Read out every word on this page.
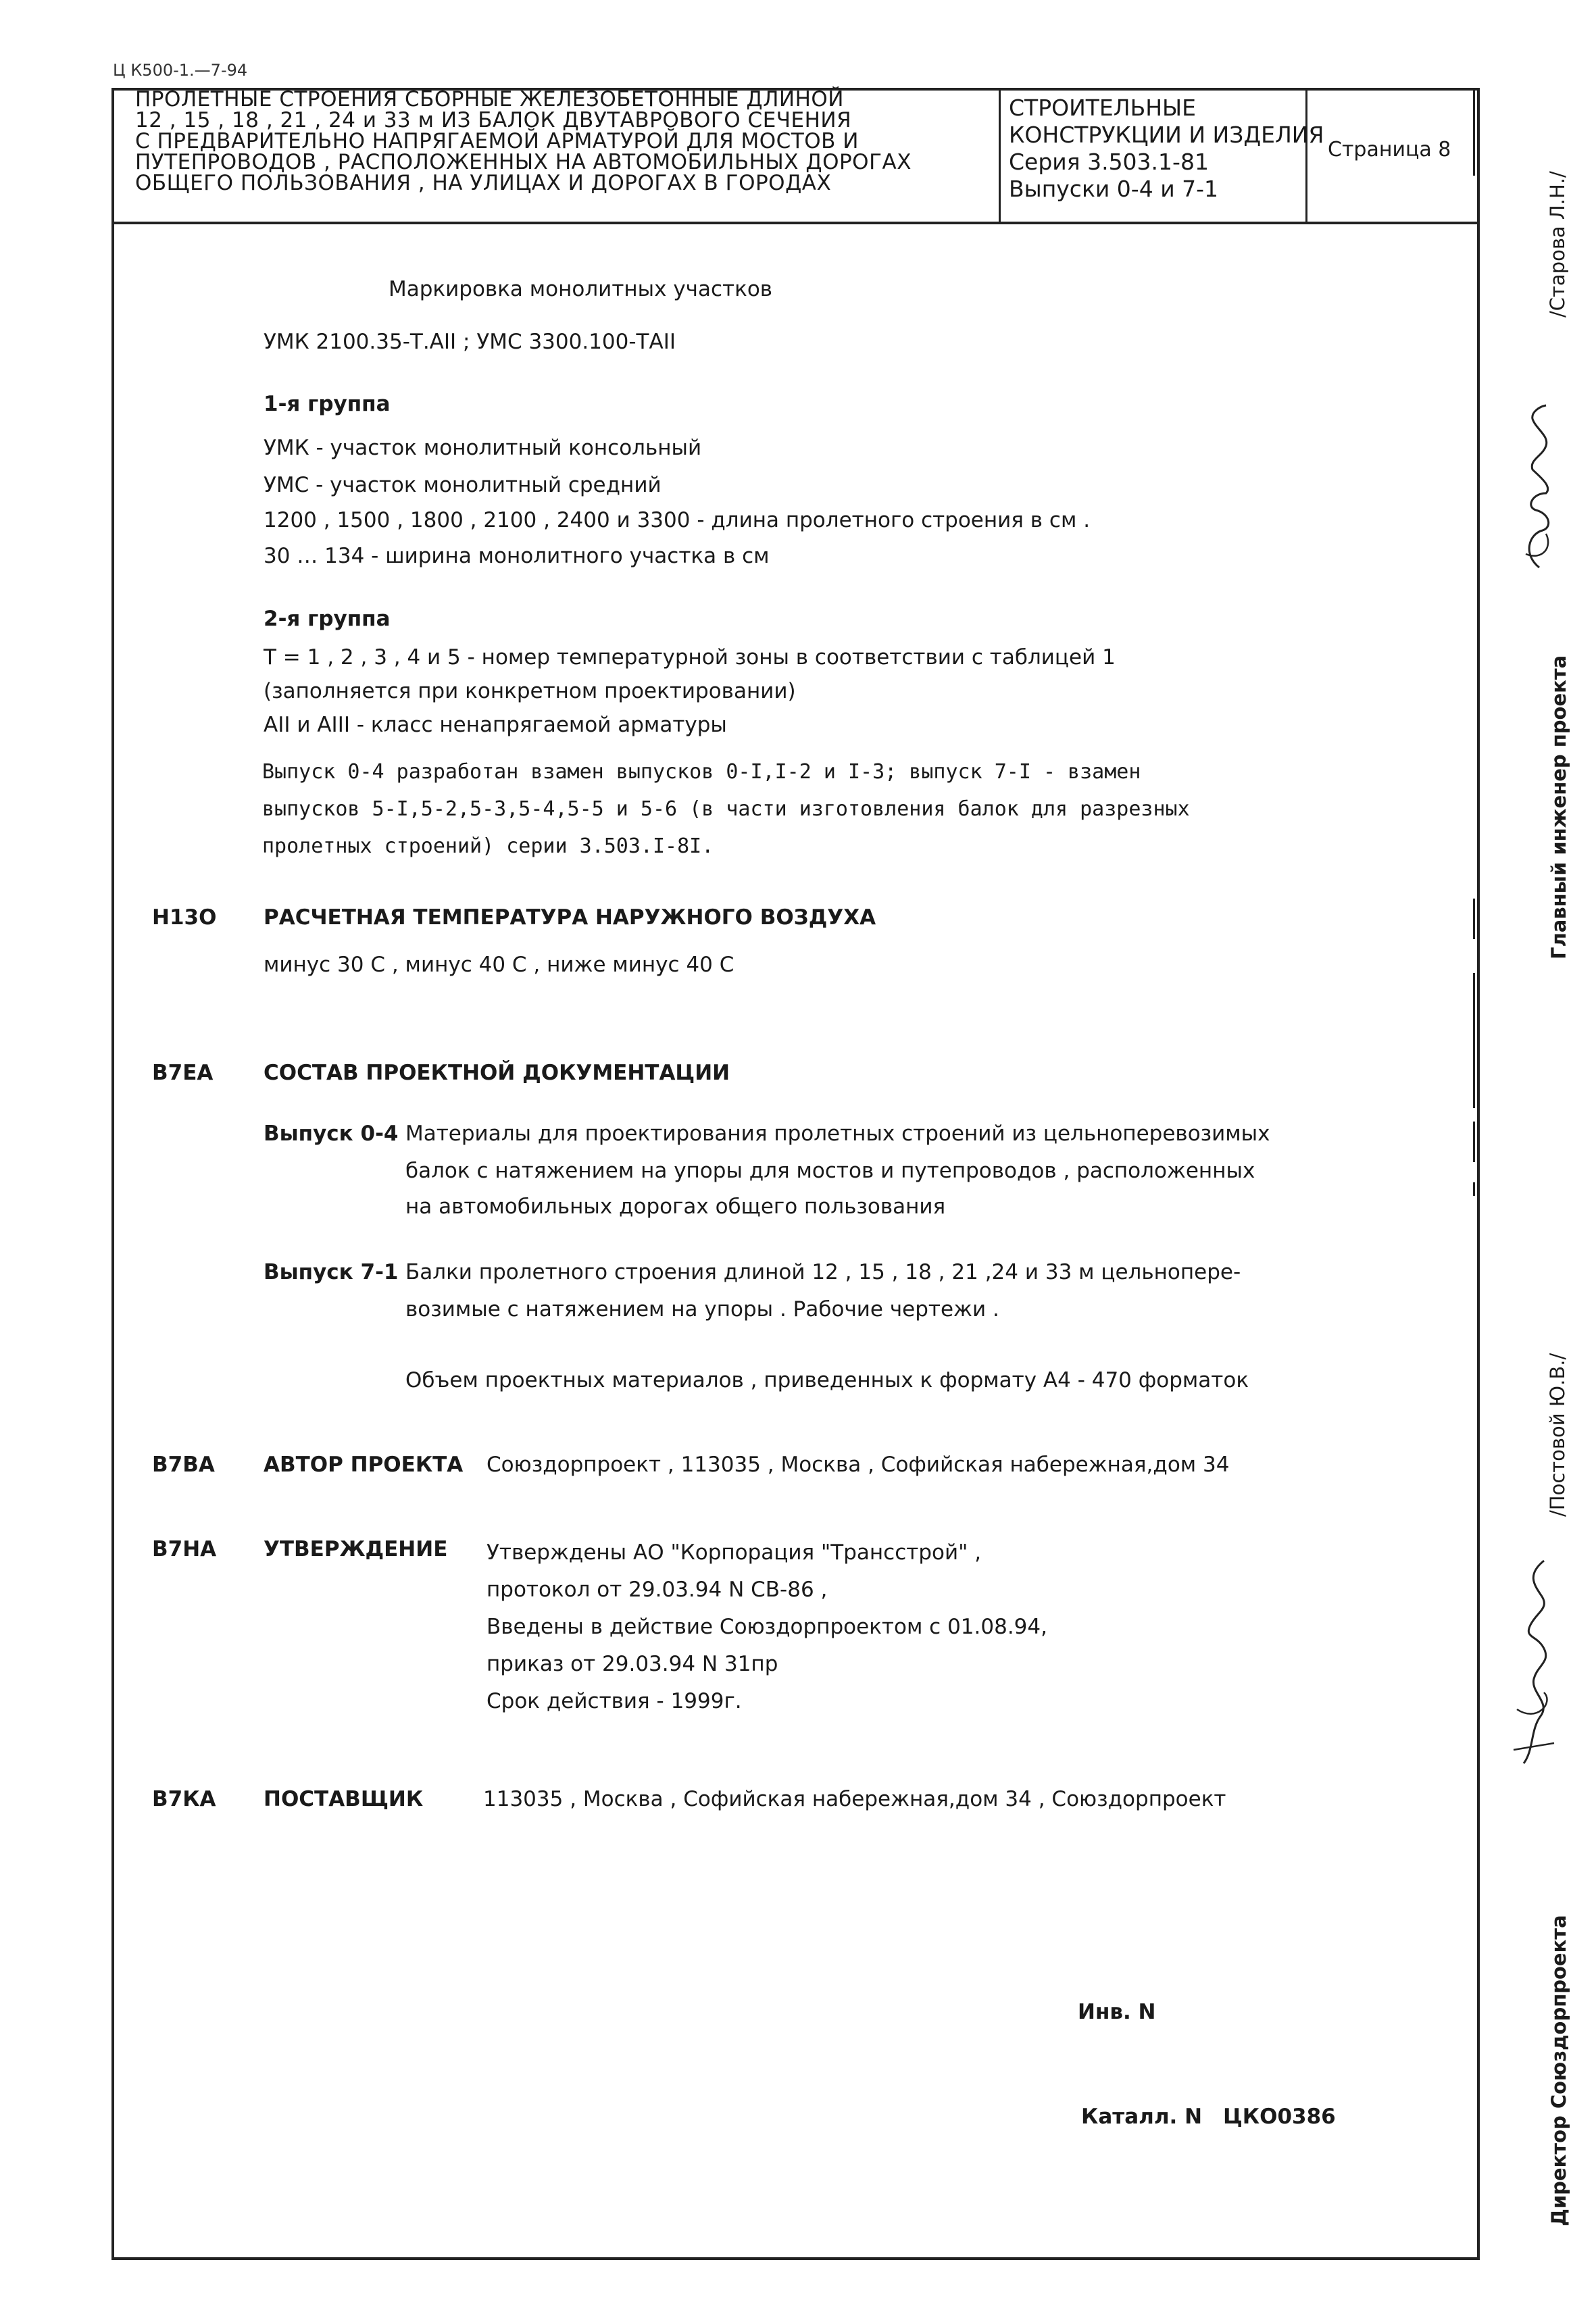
Ц К500-1.—7-94
ПРОЛЕТНЫЕ СТРОЕНИЯ СБОРНЫЕ ЖЕЛЕЗОБЕТОННЫЕ ДЛИНОЙ
12 , 15 , 18 , 21 , 24 и 33 м ИЗ БАЛОК ДВУТАВРОВОГО СЕЧЕНИЯ
С ПРЕДВАРИТЕЛЬНО НАПРЯГАЕМОЙ АРМАТУРОЙ ДЛЯ МОСТОВ И
ПУТЕПРОВОДОВ , РАСПОЛОЖЕННЫХ НА АВТОМОБИЛЬНЫХ ДОРОГАХ
ОБЩЕГО ПОЛЬЗОВАНИЯ , НА УЛИЦАХ И ДОРОГАХ В ГОРОДАХ
СТРОИТЕЛЬНЫЕ
КОНСТРУКЦИИ И ИЗДЕЛИЯ
Серия 3.503.1-81
Выпуски 0-4 и 7-1
Страница 8
Маркировка монолитных участков
УМК 2100.35-Т.АII ; УМС 3300.100-ТАII
1-я группа
УМК - участок монолитный консольный
УМС - участок монолитный средний
1200 , 1500 , 1800 , 2100 , 2400 и 3300 - длина пролетного строения в см .
30 … 134 - ширина монолитного участка в см
2-я группа
Т = 1 , 2 , 3 , 4 и 5 - номер температурной зоны в соответствии с таблицей 1
(заполняется при конкретном проектировании)
АII и АIII - класс ненапрягаемой арматуры
Выпуск 0-4 разработан взамен выпусков 0-I,I-2 и I-3; выпуск 7-I - взамен
выпусков 5-I,5-2,5-3,5-4,5-5 и 5-6 (в части изготовления балок для разрезных
пролетных строений) серии 3.503.I-8I.
Н13О РАСЧЕТНАЯ ТЕМПЕРАТУРА НАРУЖНОГО ВОЗДУХА
минус 30 С , минус 40 С , ниже минус 40 С
В7ЕА СОСТАВ ПРОЕКТНОЙ ДОКУМЕНТАЦИИ
Выпуск 0-4 Материалы для проектирования пролетных строений из цельноперевозимых
балок с натяжением на упоры для мостов и путепроводов , расположенных
на автомобильных дорогах общего пользования
Выпуск 7-1 Балки пролетного строения длиной 12 , 15 , 18 , 21 ,24 и 33 м цельнопере-
возимые с натяжением на упоры . Рабочие чертежи .
Объем проектных материалов , приведенных к формату А4 - 470 форматок
В7ВА АВТОР ПРОЕКТА Союздорпроект , 113035 , Москва , Софийская набережная,дом 34
В7НА УТВЕРЖДЕНИЕ Утверждены АО "Корпорация "Трансстрой" ,
протокол от 29.03.94 N СВ-86 ,
Введены в действие Союздорпроектом с 01.08.94,
приказ от 29.03.94 N 31пр
Срок действия - 1999г.
В7КА ПОСТАВЩИК	113035 , Москва , Софийская набережная,дом 34 , Союздорпроект
Инв. N
Каталл. N ЦКО0386
/Старова Л.Н./
Главный инженер проекта
/Постовой Ю.В./
Директор Союздорпроекта
